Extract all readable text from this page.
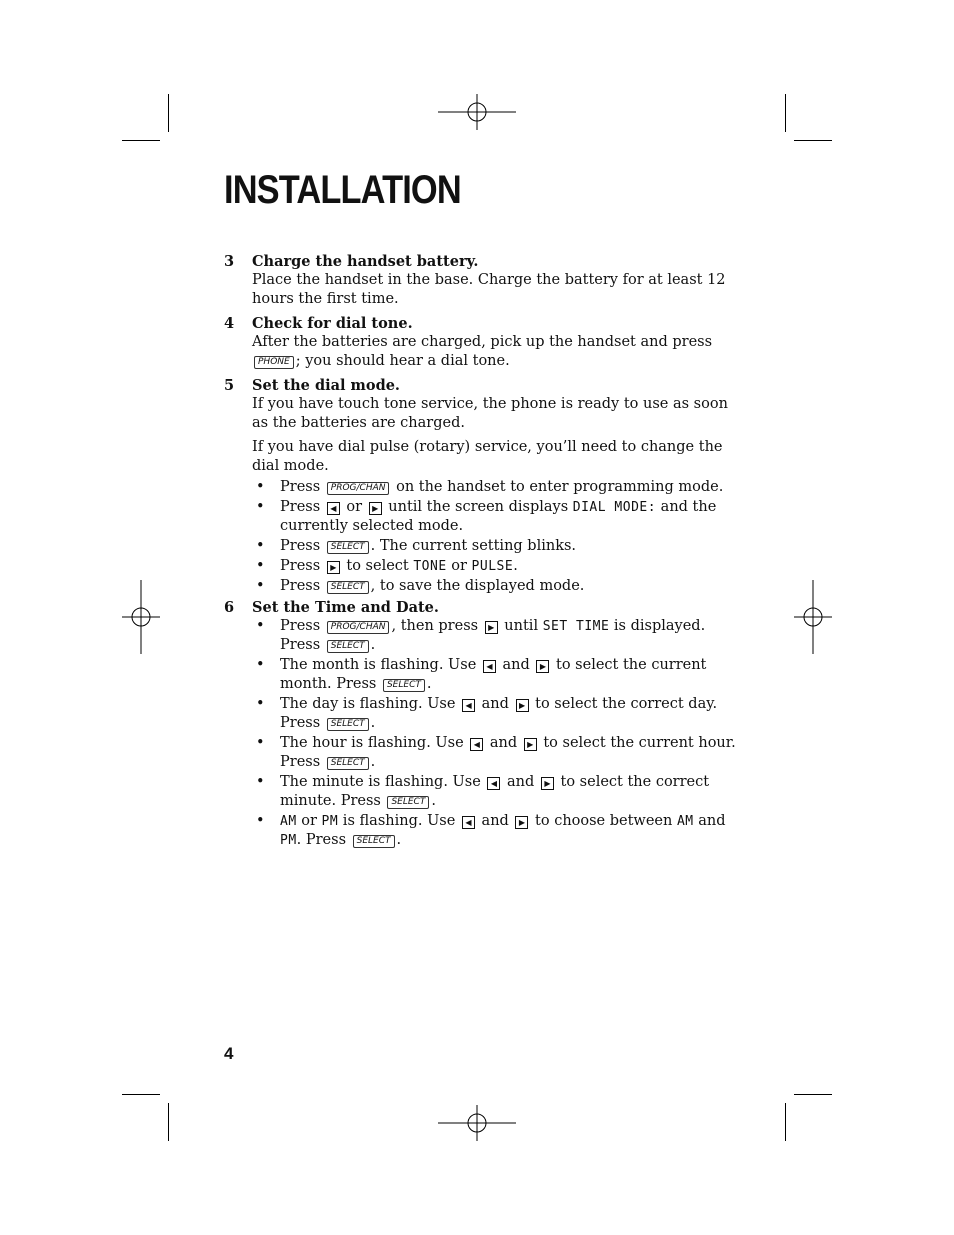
INSTALLATION
3	Charge the handset battery.

Place the handset in the base. Charge the battery for at least 12 hours the first time.

4	Check for dial tone.

After the batteries are charged, pick up the handset and press PHONE ; you should hear a dial tone.

5	Set the dial mode.

If you have touch tone service, the phone is ready to use as soon as the batteries are charged.

If you have dial pulse (rotary) service, you’ll need to change the dial mode.

• Press PROG/CHAN on the handset to enter programming mode.
• Press ◀ or ▶ until the screen displays DIAL MODE: and the currently selected mode.
• Press SELECT . The current setting blinks.
• Press ▶ to select TONE or PULSE.
• Press SELECT , to save the displayed mode.
6	Set the Time and Date.
• Press PROG/CHAN , then press ▶ until SET TIME is displayed. Press SELECT .
• The month is flashing. Use ◀ and ▶ to select the current month. Press SELECT .
• The day is flashing. Use ◀ and ▶ to select the correct day. Press SELECT .
• The hour is flashing. Use ◀ and ▶ to select the current hour. Press SELECT .
• The minute is flashing. Use ◀ and ▶ to select the correct minute. Press SELECT .
• AM or PM is flashing. Use ◀ and ▶ to choose between AM and PM. Press SELECT .
4
